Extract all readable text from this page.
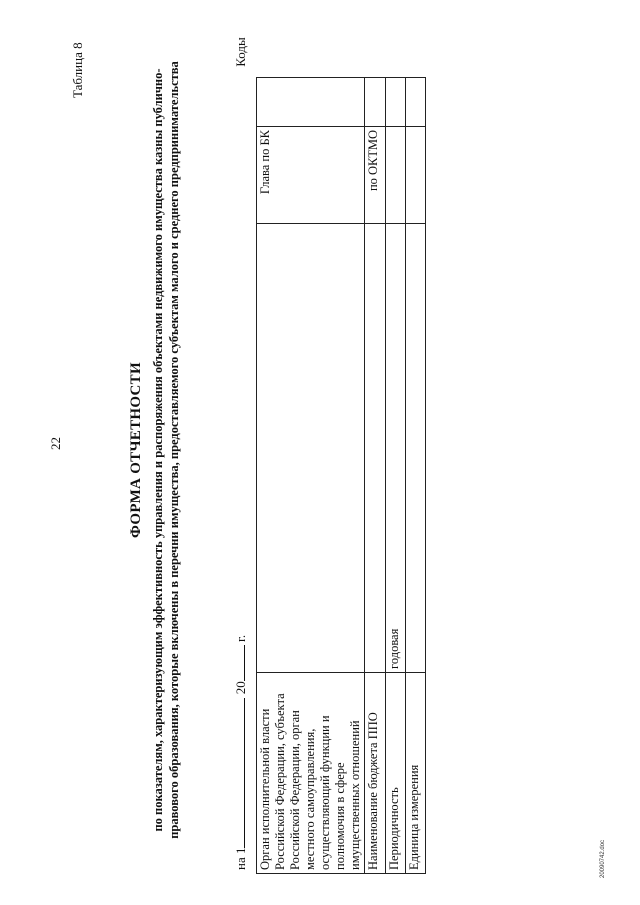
22
Таблица 8
ФОРМА ОТЧЕТНОСТИ по показателям, характеризующим эффективность управления и распоряжения объектами недвижимого имущества казны публично-правового образования, которые включены в перечни имущества, предоставляемого субъектам малого и среднего предпринимательства
на 1 20 г.
Коды
Орган исполнительной власти Российской Федерации, субъекта Российской Федерации, орган местного самоуправления, осуществляющий функции и полномочия в сфере имущественных отношений		Глава по БК	
Наименование бюджета ППО		по ОКТМО	
Периодичность	годовая		
Единица измерения				20090742.doc
